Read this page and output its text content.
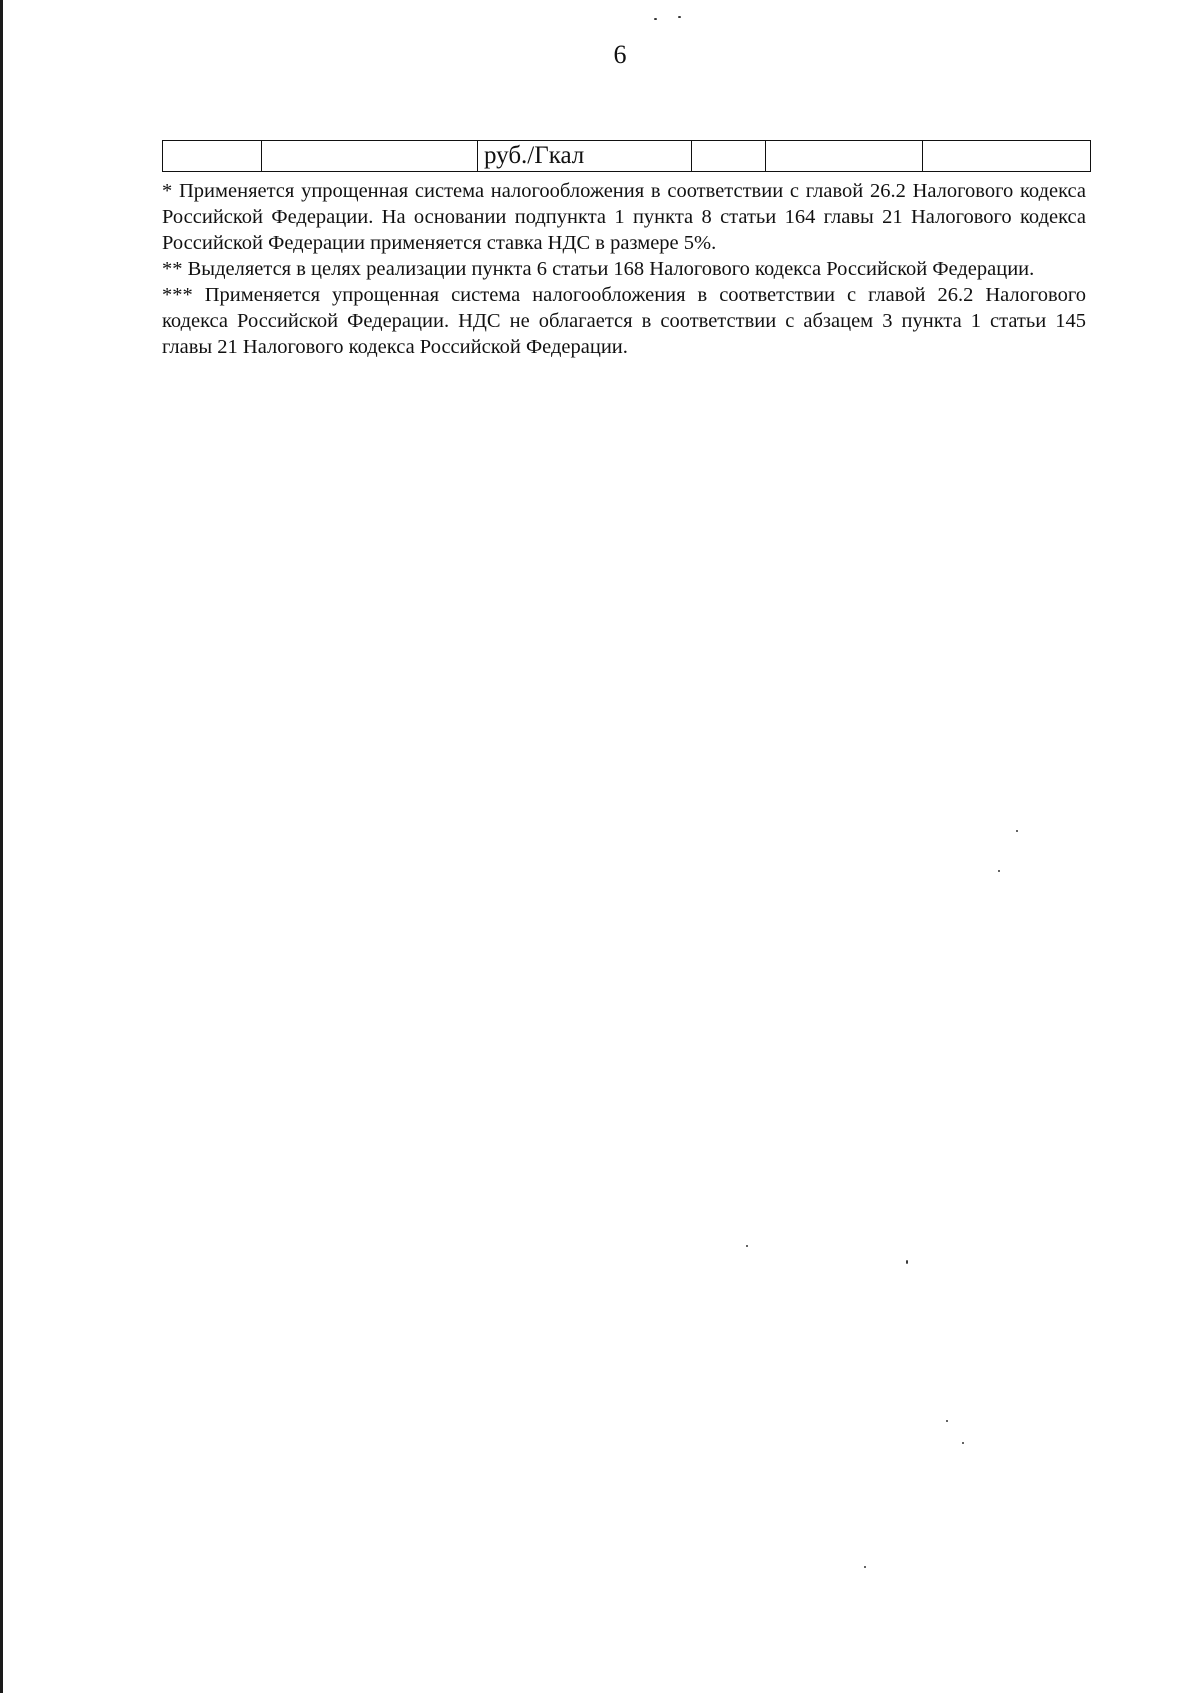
6
		руб./Гкал				

* Применяется упрощенная система налогообложения в соответствии с главой 26.2 Налогового кодекса Российской Федерации. На основании подпункта 1 пункта 8 статьи 164 главы 21 Налогового кодекса Российской Федерации применяется ставка НДС в размере 5%.

** Выделяется в целях реализации пункта 6 статьи 168 Налогового кодекса Российской Федерации.

*** Применяется упрощенная система налогообложения в соответствии с главой 26.2 Налогового кодекса Российской Федерации. НДС не облагается в соответствии с абзацем 3 пункта 1 статьи 145 главы 21 Налогового кодекса Российской Федерации.
